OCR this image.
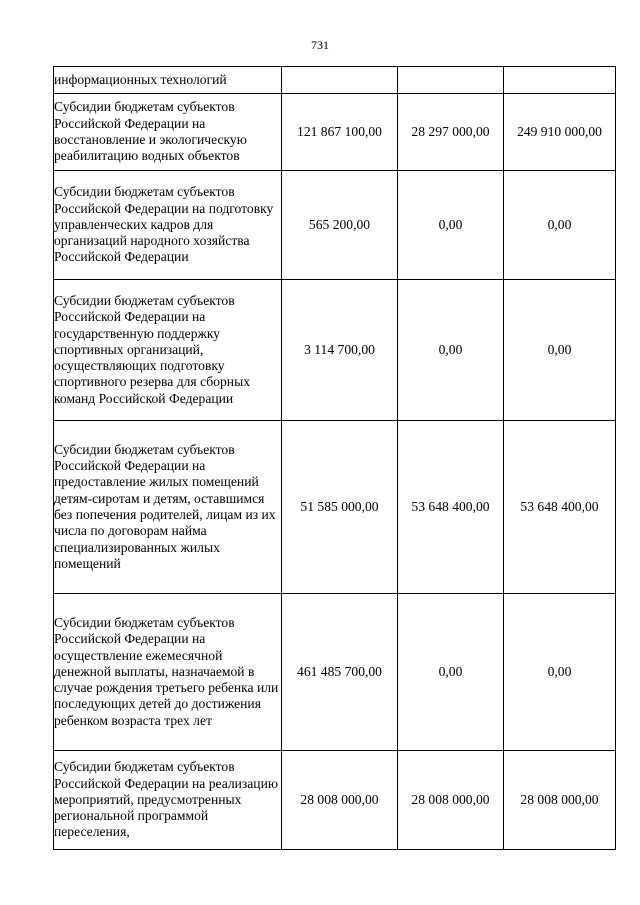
731
информационных технологий			
Субсидии бюджетам субъектов Российской Федерации на восстановление и экологическую реабилитацию водных объектов	121 867 100,00	28 297 000,00	249 910 000,00
Субсидии бюджетам субъектов Российской Федерации на подготовку управленческих кадров для организаций народного хозяйства Российской Федерации	565 200,00	0,00	0,00
Субсидии бюджетам субъектов Российской Федерации на государственную поддержку спортивных организаций, осуществляющих подготовку спортивного резерва для сборных команд Российской Федерации	3 114 700,00	0,00	0,00
Субсидии бюджетам субъектов Российской Федерации на предоставление жилых помещений детям-сиротам и детям, оставшимся без попечения родителей, лицам из их числа по договорам найма специализированных жилых помещений	51 585 000,00	53 648 400,00	53 648 400,00
Субсидии бюджетам субъектов Российской Федерации на осуществление ежемесячной денежной выплаты, назначаемой в случае рождения третьего ребенка или последующих детей до достижения ребенком возраста трех лет	461 485 700,00	0,00	0,00
Субсидии бюджетам субъектов Российской Федерации на реализацию мероприятий, предусмотренных региональной программой переселения,	28 008 000,00	28 008 000,00	28 008 000,00
